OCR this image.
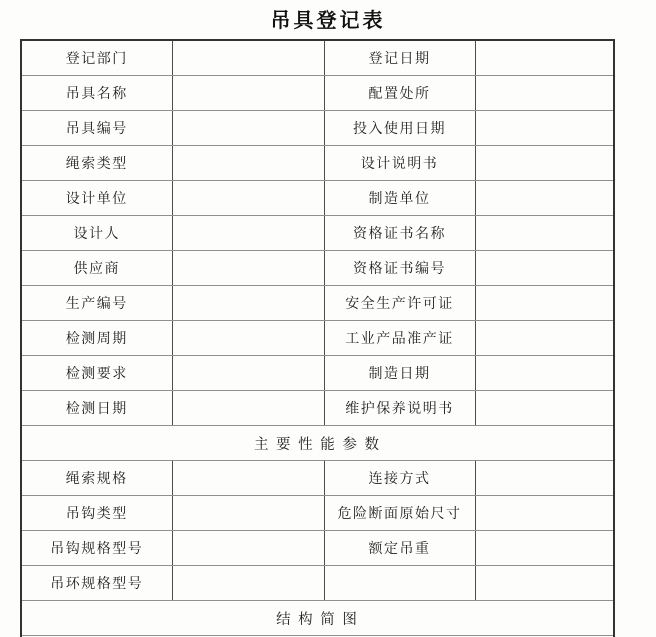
吊具登记表
登记部门		登记日期	
吊具名称		配置处所	
吊具编号		投入使用日期	
绳索类型		设计说明书	
设计单位		制造单位	
设计人		资格证书名称	
供应商		资格证书编号	
生产编号		安全生产许可证	
检测周期		工业产品准产证	
检测要求		制造日期	
检测日期		维护保养说明书	
主 要 性 能 参 数			
绳索规格		连接方式	
吊钩类型		危险断面原始尺寸	
吊钩规格型号		额定吊重	
吊环规格型号			
结 构 简 图			
